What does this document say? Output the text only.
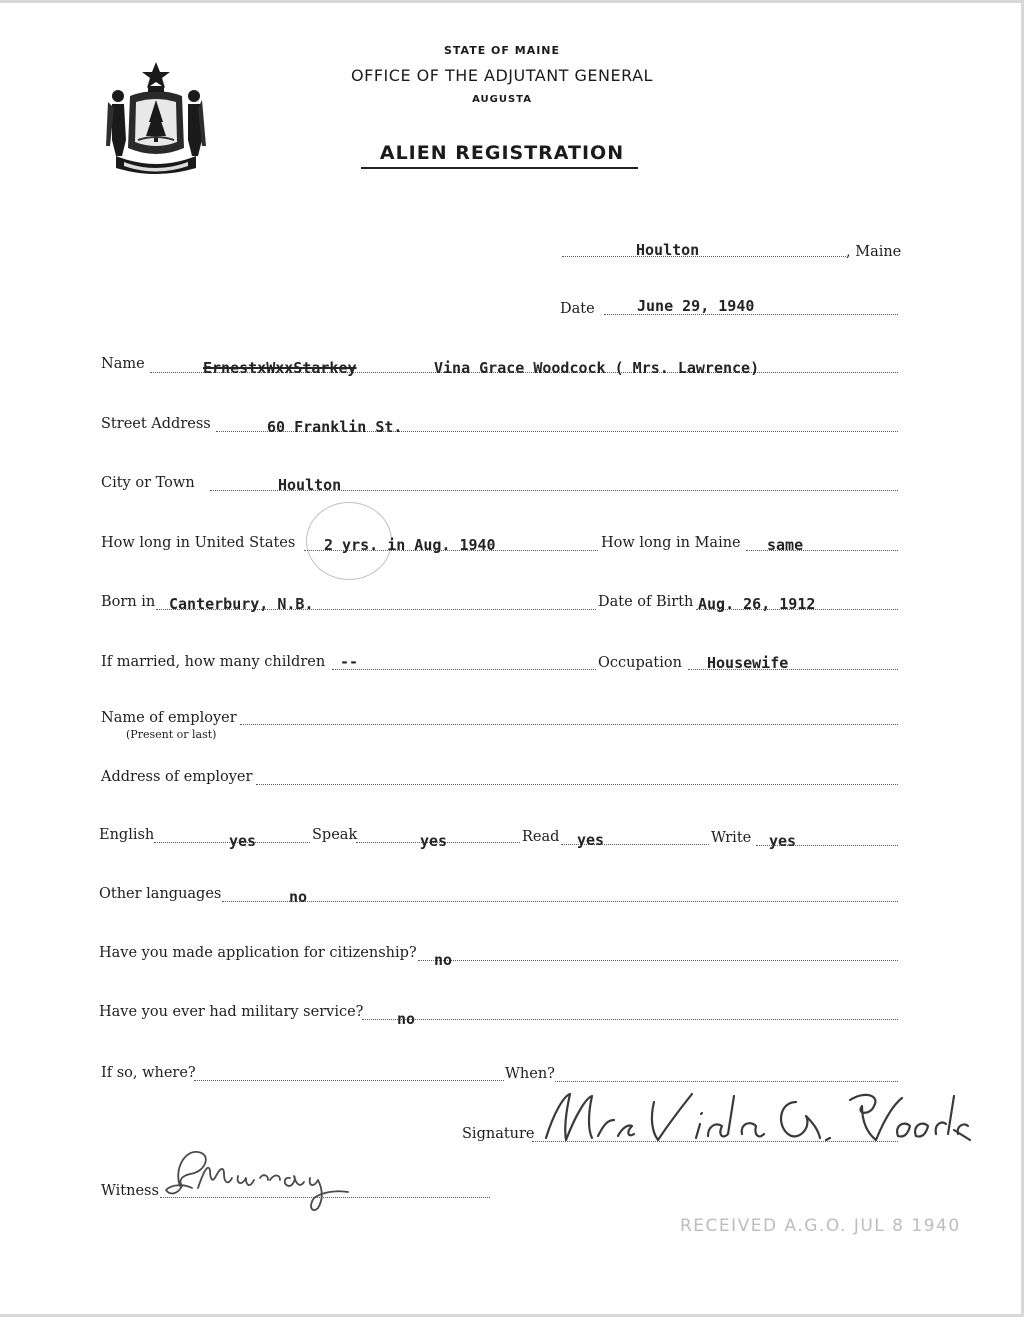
STATE OF MAINE
OFFICE OF THE ADJUTANT GENERAL
AUGUSTA
ALIEN REGISTRATION
Houlton	, Maine
Date	June 29, 1940
Name	ErnestxWxxStarkey	Vina Grace Woodcock ( Mrs. Lawrence)
Street Address	60 Franklin St.
City or Town	Houlton
How long in United States 2 yrs. in Aug. 1940	How long in Maine same
Born in Canterbury, N.B.	Date of Birth Aug. 26, 1912
If married, how many children --	Occupation Housewife
Name of employer
(Present or last)
Address of employer
English	yes	Speak	yes	Read yes	Write yes
Other languages	no
Have you made application for citizenship? no
Have you ever had military service? no
If so, where?	When?
Signature
Witness
RECEIVED A.G.O. JUL 8 1940
